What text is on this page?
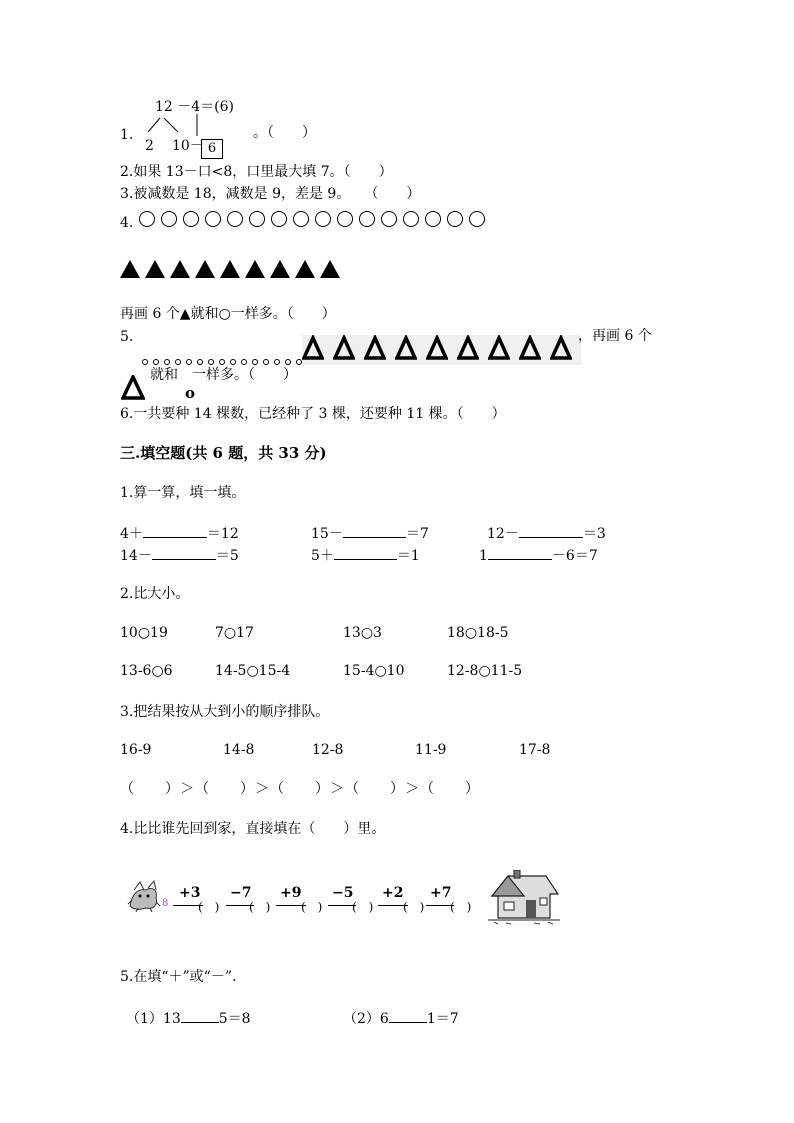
12 －4＝(6)
1.
2 10－ 6
。（　　）
2.如果 13－口<8，口里最大填 7。（　　）
3.被减数是 18，减数是 9，差是 9。　　（　　）
4.
再画 6 个▲就和○一样多。（　　）
5.	，再画 6 个
就和　一样多。（　　）
o
6.一共要种 14 棵数，已经种了 3 棵，还要种 11 棵。（　　）
三.填空题(共 6 题，共 33 分)
1.算一算，填一填。
4＋	＝12	15－	＝7	12－	＝3
14－	＝5	5＋	＝1	1	－6＝7
2.比大小。
10○19	7○17	13○3	18○18-5
13-6○6	14-5○15-4	15-4○10	12-8○11-5
3.把结果按从大到小的顺序排队。
16-9	14-8	12-8	11-9	17-8
（　　）＞（　　）＞（　　）＞（　　）＞（　　）
4.比比谁先回到家，直接填在（　　）里。
8
+3
(　)
−7
(　)
+9
(　)
−5
(　)
+2
(　)
+7
(　)
5.在填“＋”或“－”.
（1）13	5＝8	（2）6	1＝7
